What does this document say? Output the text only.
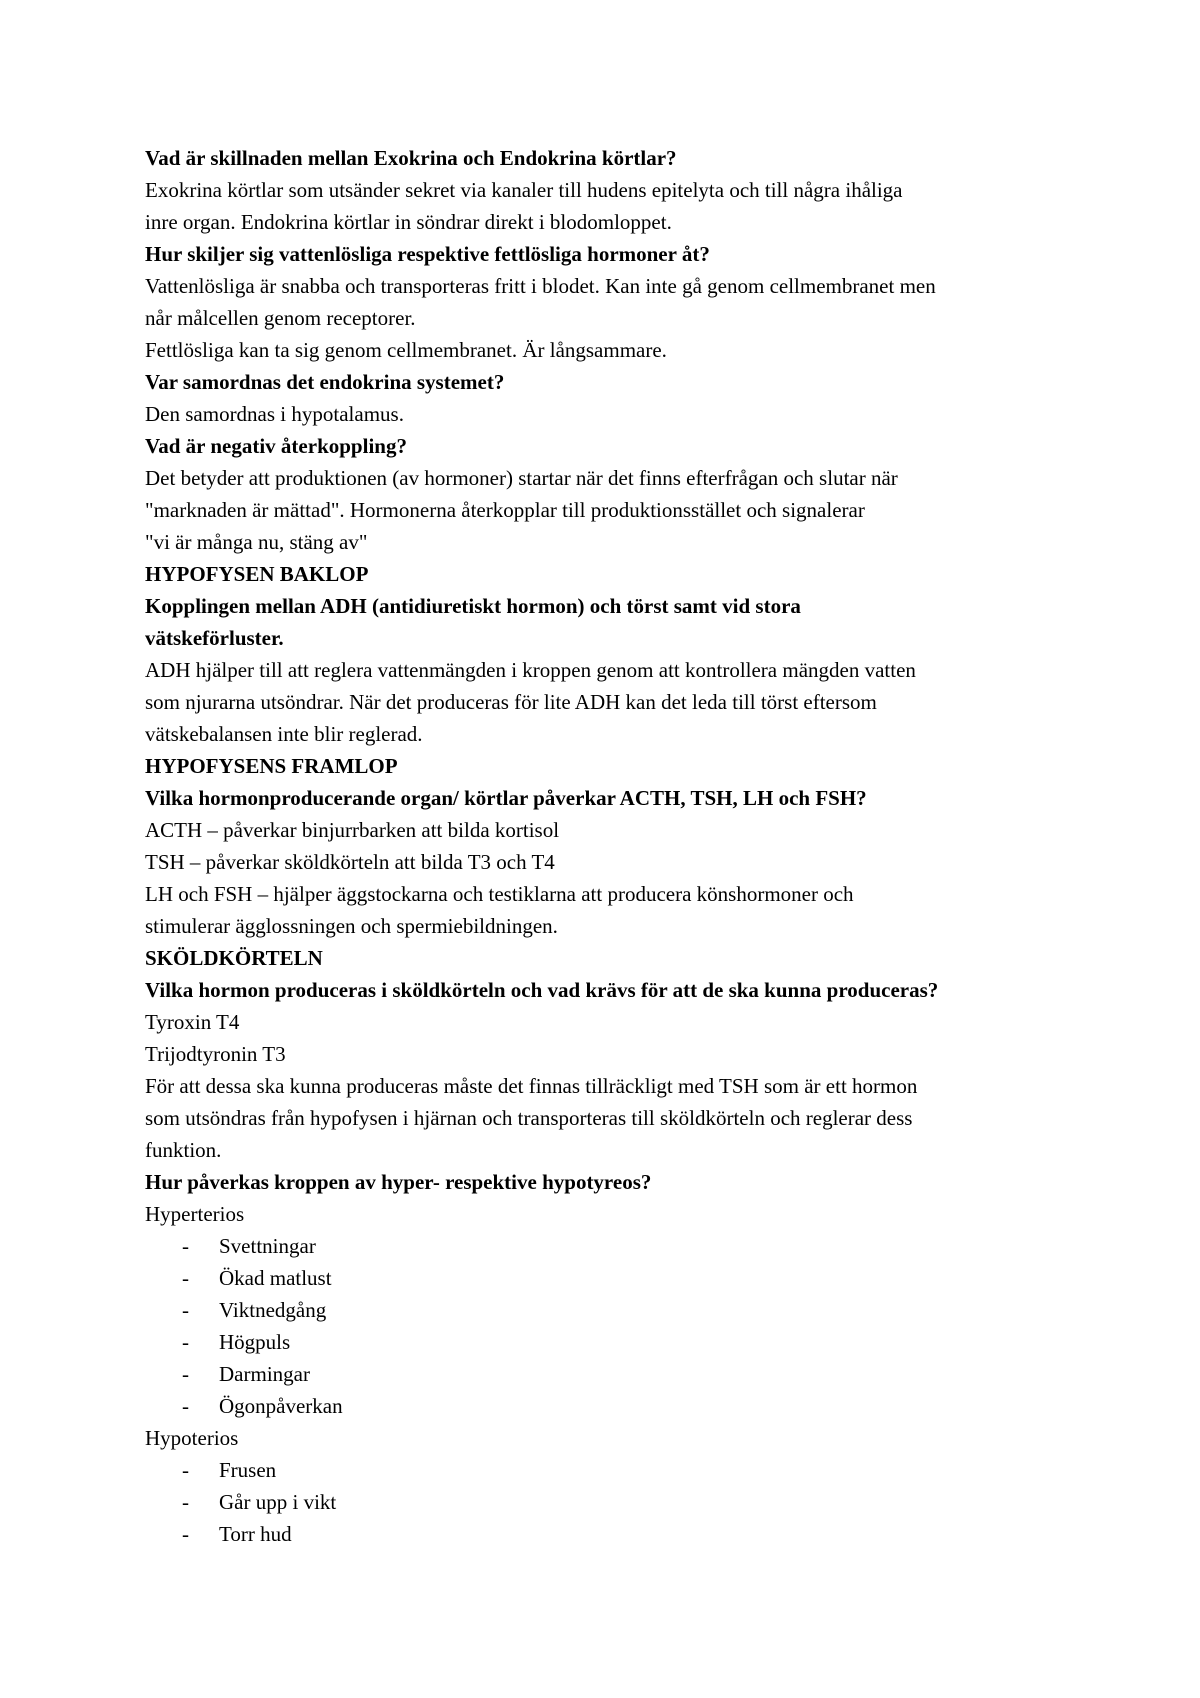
Vad är skillnaden mellan Exokrina och Endokrina körtlar?
Exokrina körtlar som utsänder sekret via kanaler till hudens epitelyta och till några ihåliga
inre organ. Endokrina körtlar in söndrar direkt i blodomloppet.
Hur skiljer sig vattenlösliga respektive fettlösliga hormoner åt?
Vattenlösliga är snabba och transporteras fritt i blodet. Kan inte gå genom cellmembranet men
når målcellen genom receptorer.
Fettlösliga kan ta sig genom cellmembranet. Är långsammare.
Var samordnas det endokrina systemet?
Den samordnas i hypotalamus.
Vad är negativ återkoppling?
Det betyder att produktionen (av hormoner) startar när det finns efterfrågan och slutar när
"marknaden är mättad". Hormonerna återkopplar till produktionsstället och signalerar
"vi är många nu, stäng av"
HYPOFYSEN BAKLOP
Kopplingen mellan ADH (antidiuretiskt hormon) och törst samt vid stora
vätskeförluster.
ADH hjälper till att reglera vattenmängden i kroppen genom att kontrollera mängden vatten
som njurarna utsöndrar. När det produceras för lite ADH kan det leda till törst eftersom
vätskebalansen inte blir reglerad.
HYPOFYSENS FRAMLOP
Vilka hormonproducerande organ/ körtlar påverkar ACTH, TSH, LH och FSH?
ACTH – påverkar binjurrbarken att bilda kortisol
TSH – påverkar sköldkörteln att bilda T3 och T4
LH och FSH – hjälper äggstockarna och testiklarna att producera könshormoner och
stimulerar ägglossningen och spermiebildningen.
SKÖLDKÖRTELN
Vilka hormon produceras i sköldkörteln och vad krävs för att de ska kunna produceras?
Tyroxin T4
Trijodtyronin T3
För att dessa ska kunna produceras måste det finnas tillräckligt med TSH som är ett hormon
som utsöndras från hypofysen i hjärnan och transporteras till sköldkörteln och reglerar dess
funktion.
Hur påverkas kroppen av hyper- respektive hypotyreos?
Hyperterios
- Svettningar
- Ökad matlust
- Viktnedgång
- Högpuls
- Darmingar
- Ögonpåverkan
Hypoterios
- Frusen
- Går upp i vikt
- Torr hud
